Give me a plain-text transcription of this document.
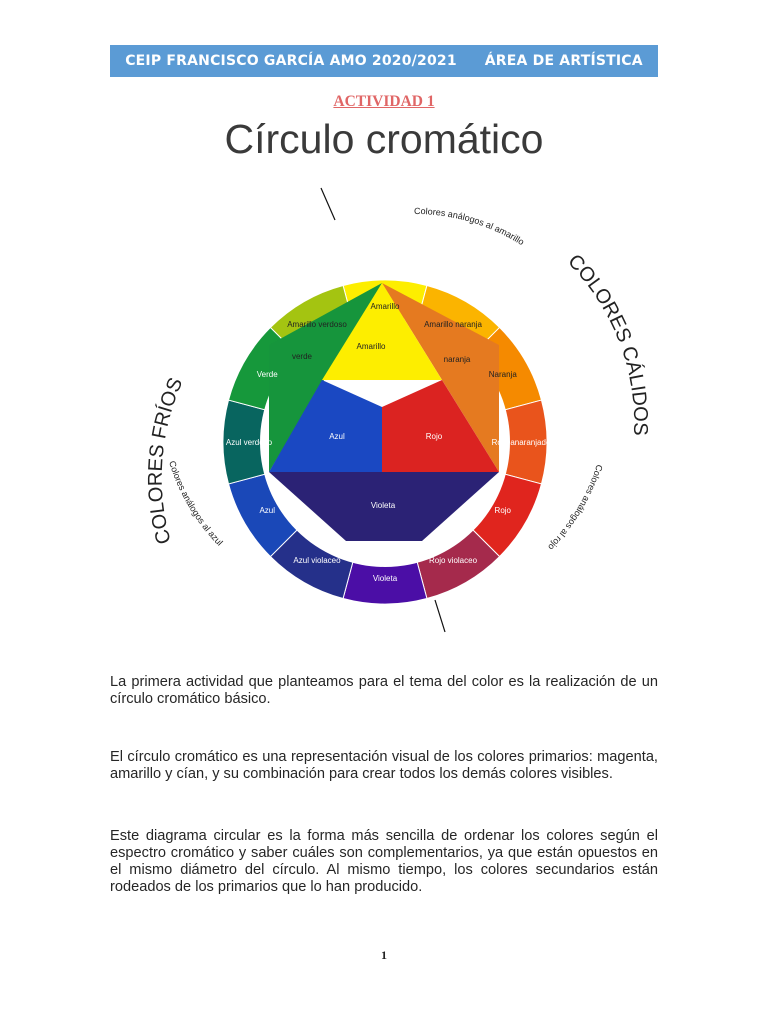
CEIP FRANCISCO GARCÍA AMO 2020/2021 ÁREA DE ARTÍSTICA
ACTIVIDAD 1
Círculo cromático
Amarillo
verde	naranja
Azul	Rojo
Violeta
Amarillo
Amarillo naranja
Naranja
Rojo anaranjado
Rojo
Rojo violaceo
Violeta
Azul violaceo
Azul
Azul verdoso
Verde
Amarillo verdoso
Colores análogos al amarillo
Colores análogos al rojo
Colores análogos al azul
COLORES CÁLIDOS
COLORES FRÍOS

La primera actividad que planteamos para el tema del color es la realización de un círculo cromático básico.

El círculo cromático es una representación visual de los colores primarios: magenta, amarillo y cían, y su combinación para crear todos los demás colores visibles.

Este diagrama circular es la forma más sencilla de ordenar los colores según el espectro cromático y saber cuáles son complementarios, ya que están opuestos en el mismo diámetro del círculo. Al mismo tiempo, los colores secundarios están rodeados de los primarios que lo han producido.

1
